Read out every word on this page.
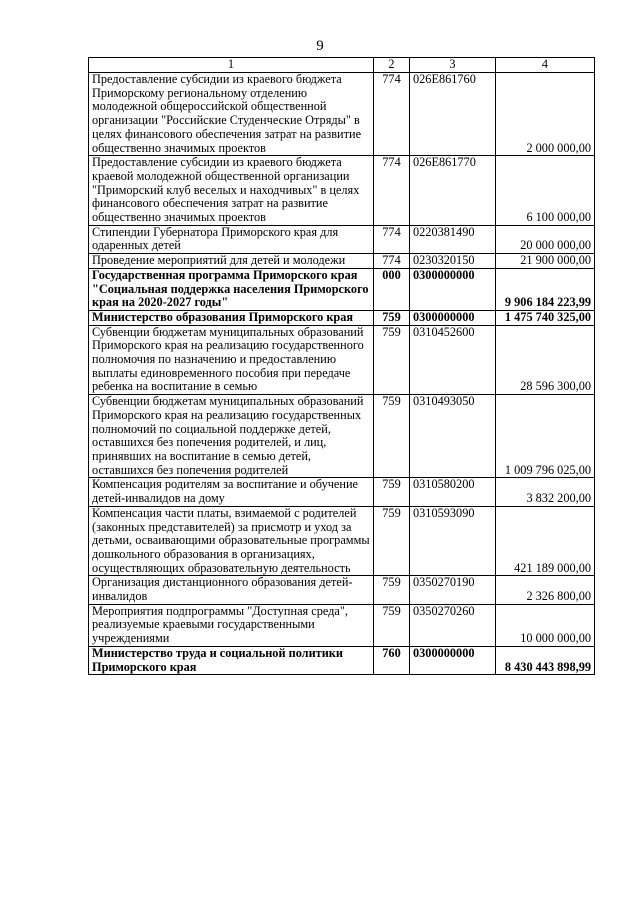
9
1	2	3	4
Предоставление субсидии из краевого бюджета Приморскому региональному отделению молодежной общероссийской общественной организации "Российские Студенческие Отряды" в целях финансового обеспечения затрат на развитие общественно значимых проектов	774	026E861760	2 000 000,00
Предоставление субсидии из краевого бюджета краевой молодежной общественной организации "Приморский клуб веселых и находчивых" в целях финансового обеспечения затрат на развитие общественно значимых проектов	774	026E861770	6 100 000,00
Стипендии Губернатора Приморского края для одаренных детей	774	0220381490	20 000 000,00
Проведение мероприятий для детей и молодежи	774	0230320150	21 900 000,00
Государственная программа Приморского края "Социальная поддержка населения Приморского края на 2020-2027 годы"	000	0300000000	9 906 184 223,99
Министерство образования Приморского края	759	0300000000	1 475 740 325,00
Субвенции бюджетам муниципальных образований Приморского края на реализацию государственного полномочия по назначению и предоставлению выплаты единовременного пособия при передаче ребенка на воспитание в семью	759	0310452600	28 596 300,00
Субвенции бюджетам муниципальных образований Приморского края на реализацию государственных полномочий по социальной поддержке детей, оставшихся без попечения родителей, и лиц, принявших на воспитание в семью детей, оставшихся без попечения родителей	759	0310493050	1 009 796 025,00
Компенсация родителям за воспитание и обучение детей-инвалидов на дому	759	0310580200	3 832 200,00
Компенсация части платы, взимаемой с родителей (законных представителей) за присмотр и уход за детьми, осваивающими образовательные программы дошкольного образования в организациях, осуществляющих образовательную деятельность	759	0310593090	421 189 000,00
Организация дистанционного образования детей-инвалидов	759	0350270190	2 326 800,00
Мероприятия подпрограммы "Доступная среда", реализуемые краевыми государственными учреждениями	759	0350270260	10 000 000,00
Министерство труда и социальной политики Приморского края	760	0300000000	8 430 443 898,99
